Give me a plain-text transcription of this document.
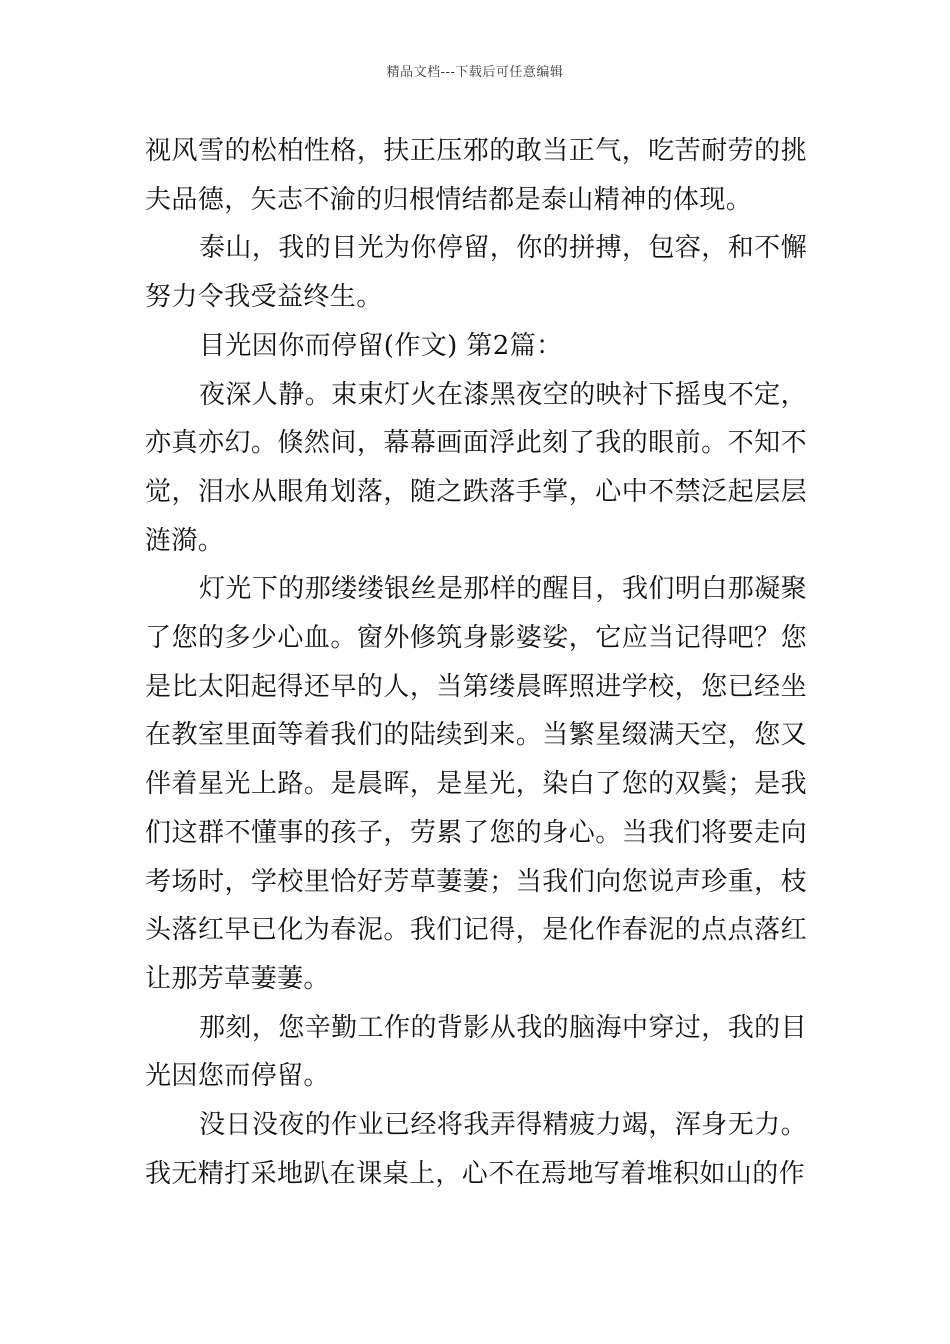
精品文档---下载后可任意编辑

视风雪的松柏性格，扶正压邪的敢当正气，吃苦耐劳的挑夫品德，矢志不渝的归根情结都是泰山精神的体现。

泰山，我的目光为你停留，你的拼搏，包容，和不懈努力令我受益终生。

目光因你而停留(作文) 第2篇：

夜深人静。束束灯火在漆黑夜空的映衬下摇曳不定，亦真亦幻。倏然间，幕幕画面浮此刻了我的眼前。不知不觉，泪水从眼角划落，随之跌落手掌，心中不禁泛起层层涟漪。

灯光下的那缕缕银丝是那样的醒目，我们明白那凝聚了您的多少心血。窗外修筑身影婆娑，它应当记得吧？您是比太阳起得还早的人，当第缕晨晖照进学校，您已经坐在教室里面等着我们的陆续到来。当繁星缀满天空，您又伴着星光上路。是晨晖，是星光，染白了您的双鬓；是我们这群不懂事的孩子，劳累了您的身心。当我们将要走向考场时，学校里恰好芳草萋萋；当我们向您说声珍重，枝头落红早已化为春泥。我们记得，是化作春泥的点点落红让那芳草萋萋。

那刻，您辛勤工作的背影从我的脑海中穿过，我的目光因您而停留。

没日没夜的作业已经将我弄得精疲力竭，浑身无力。我无精打采地趴在课桌上，心不在焉地写着堆积如山的作
